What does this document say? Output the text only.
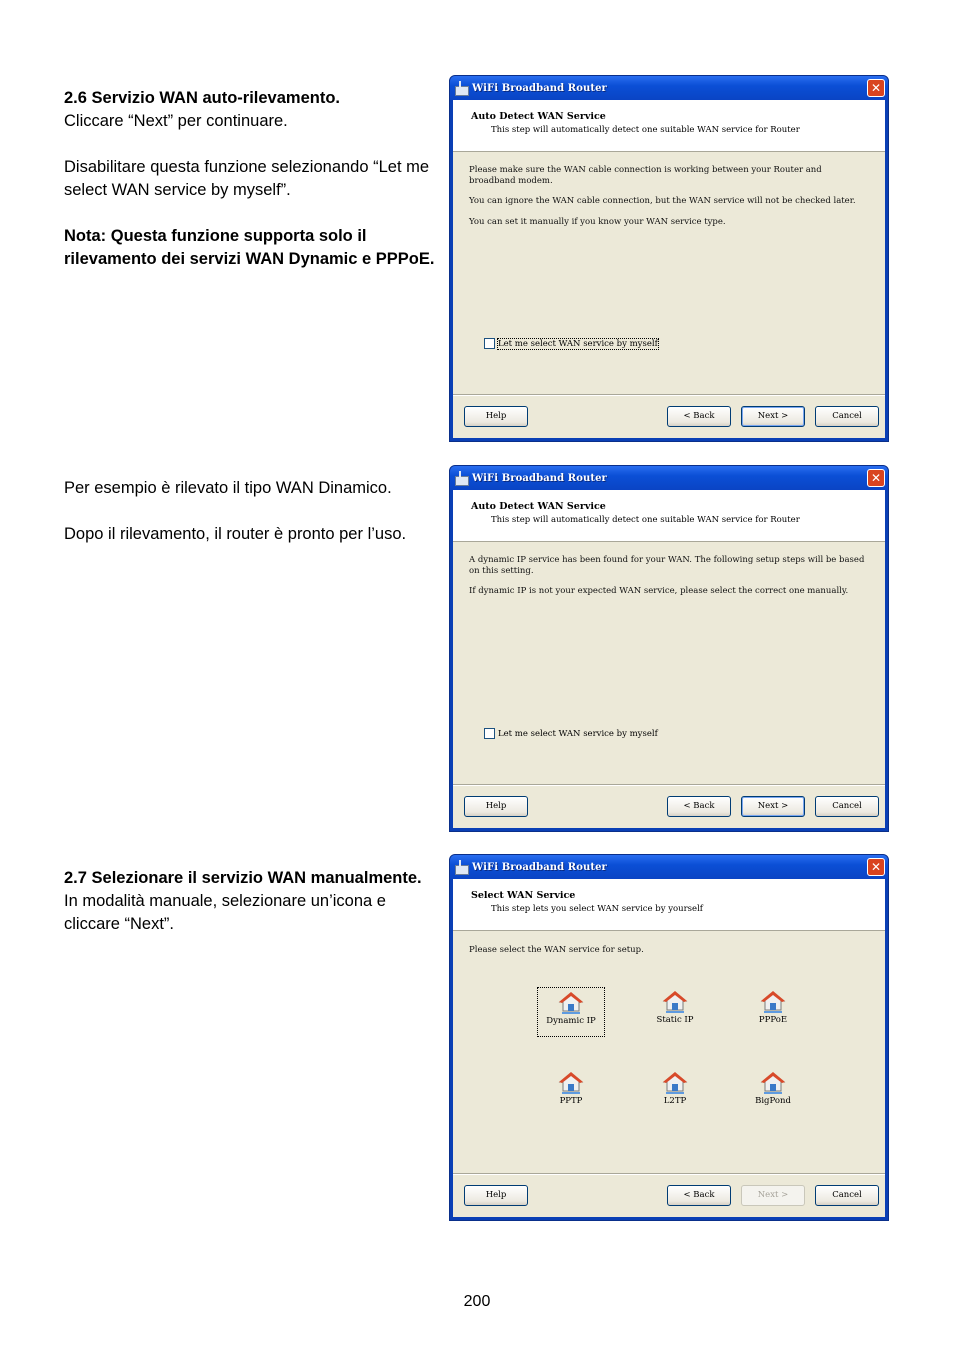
2.6 Servizio WAN auto-rilevamento.

Cliccare “Next” per continuare.

Disabilitare questa funzione selezionando “Let me select WAN service by myself”.

Nota: Questa funzione supporta solo il rilevamento dei servizi WAN Dynamic e PPPoE.

WiFi Broadband Router	✕
Auto Detect WAN Service
This step will automatically detect one suitable WAN service for Router
Please make sure the WAN cable connection is working between your Router and broadband modem.
You can ignore the WAN cable connection, but the WAN service will not be checked later.
You can set it manually if you know your WAN service type.
Let me select WAN service by myself
Help	< Back	Next >	Cancel

Per esempio è rilevato il tipo WAN Dinamico.

Dopo il rilevamento, il router è pronto per l’uso.

WiFi Broadband Router	✕
Auto Detect WAN Service
This step will automatically detect one suitable WAN service for Router
A dynamic IP service has been found for your WAN. The following setup steps will be based on this setting.
If dynamic IP is not your expected WAN service, please select the correct one manually.
Let me select WAN service by myself
Help	< Back	Next >	Cancel

2.7 Selezionare il servizio WAN manualmente.

In modalità manuale, selezionare un’icona e cliccare “Next”.

WiFi Broadband Router	✕
Select WAN Service
This step lets you select WAN service by yourself
Please select the WAN service for setup.
Dynamic IP	Static IP	PPPoE
PPTP	L2TP	BigPond
Help	< Back	Next >	Cancel
200
